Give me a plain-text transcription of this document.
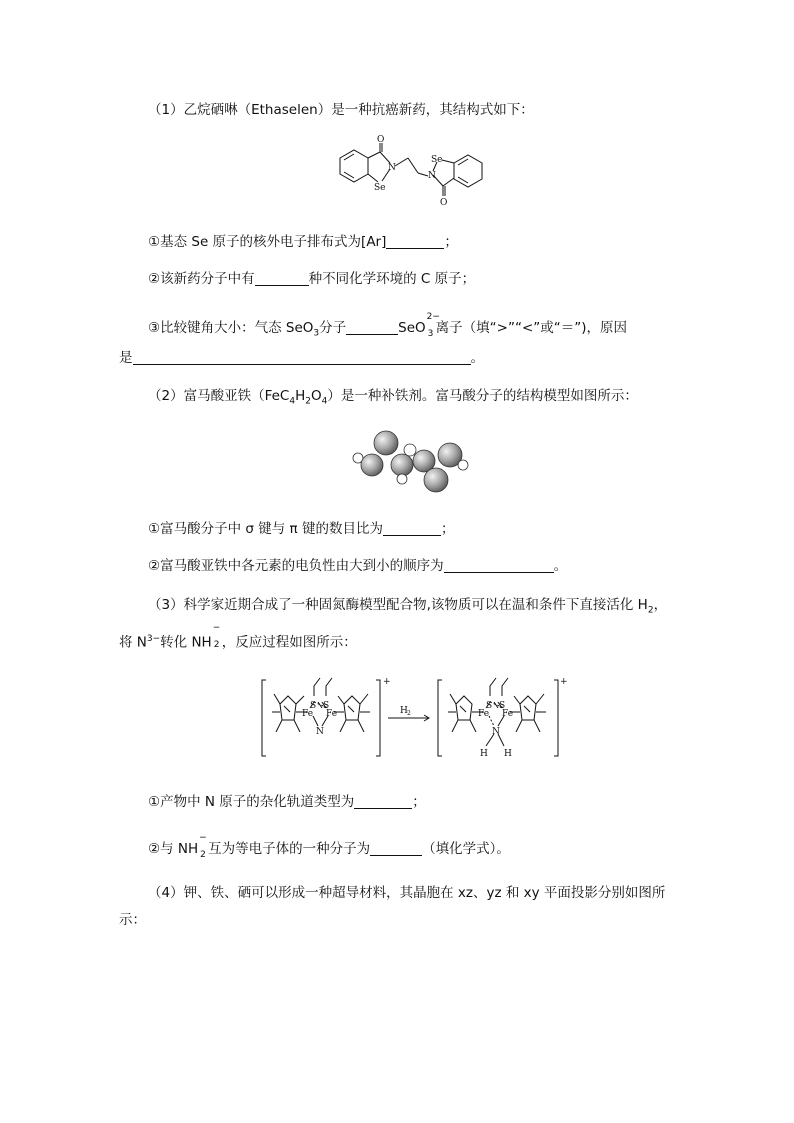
（1）乙烷硒啉（Ethaselen）是一种抗癌新药，其结构式如下：
O
N
Se
N
Se
O
①基态 Se 原子的核外电子排布式为[Ar]	；
②该新药分子中有	种不同化学环境的 C 原子；
③比较键角大小：气态 SeO$_3$分子	SeO
2−
3 离子（填“>”“<”或“＝”)，原因
是	。
（2）富马酸亚铁$(FeC_4H_2O_4)$是一种补铁剂。富马酸分子的结构模型如图所示：
①富马酸分子中 σ 键与 π 键的数目比为	；
②富马酸亚铁中各元素的电负性由大到小的顺序为	。
（3）科学家近期合成了一种固氮酶模型配合物,该物质可以在温和条件下直接活化 $H_2$，
将 $N^{3-}$转化 NH
−
2 ，反应过程如图所示：
+	+
S S
Fe Fe
N
H 2
S S
Fe Fe
N
H H
①产物中 N 原子的杂化轨道类型为	；
②与 NH
−
2 互为等电子体的一种分子为	（填化学式）。
（4）钾、铁、硒可以形成一种超导材料，其晶胞在 xz、yz 和 xy 平面投影分别如图所
示：
